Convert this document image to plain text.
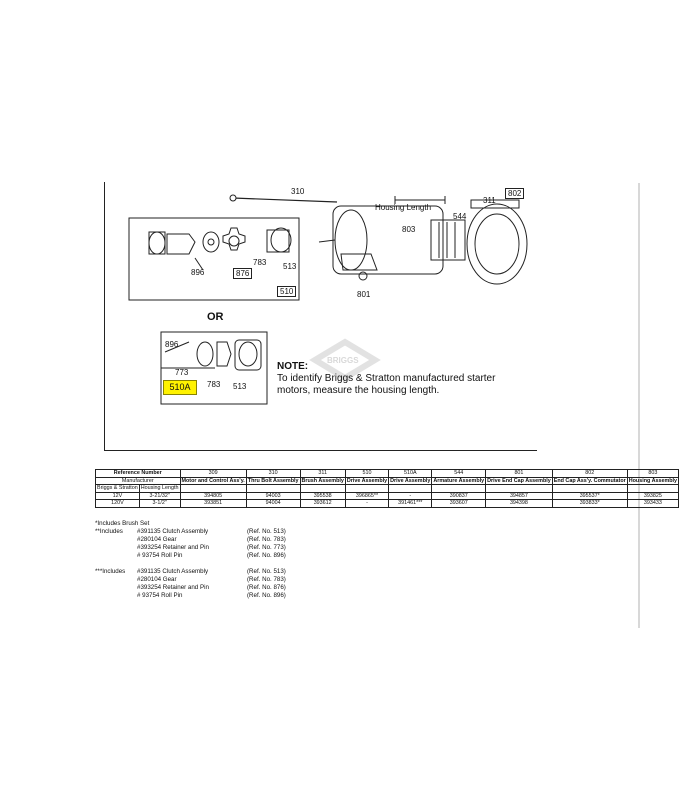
310	802
311
Housing Length
544
803
801
896	876
783 513
510
OR
896
773
783 513
510A
BRIGGS
NOTE:
To identify Briggs & Stratton manufactured starter motors, measure the housing length.
Reference Number		309	310	311	510	510A	544	801	802	803
Manufacturer		Motor and Control Ass'y.	Thru Bolt Assembly	Brush Assembly	Drive Assembly	Drive Assembly	Armature Assembly	Drive End Cap Assembly	End Cap Ass'y. Commutator	Housing Assembly
Briggs & Stratton	Housing Length									
12V	3-21/32"	394805	94003	395538	396865**	-	390837	394857	395537*	393825
120V	3-1/2"	393851	94004	393612	-	391461***	393607	394398	393833*	393433
*Includes Brush Set
**Includes	#391135 Clutch Assembly	(Ref. No. 513)
#280104 Gear	(Ref. No. 783)
#393254 Retainer and Pin	(Ref. No. 773)
# 93754 Roll Pin	(Ref. No. 896)
***Includes	#391135 Clutch Assembly	(Ref. No. 513)
#280104 Gear	(Ref. No. 783)
#393254 Retainer and Pin	(Ref. No. 876)
# 93754 Roll Pin	(Ref. No. 896)
